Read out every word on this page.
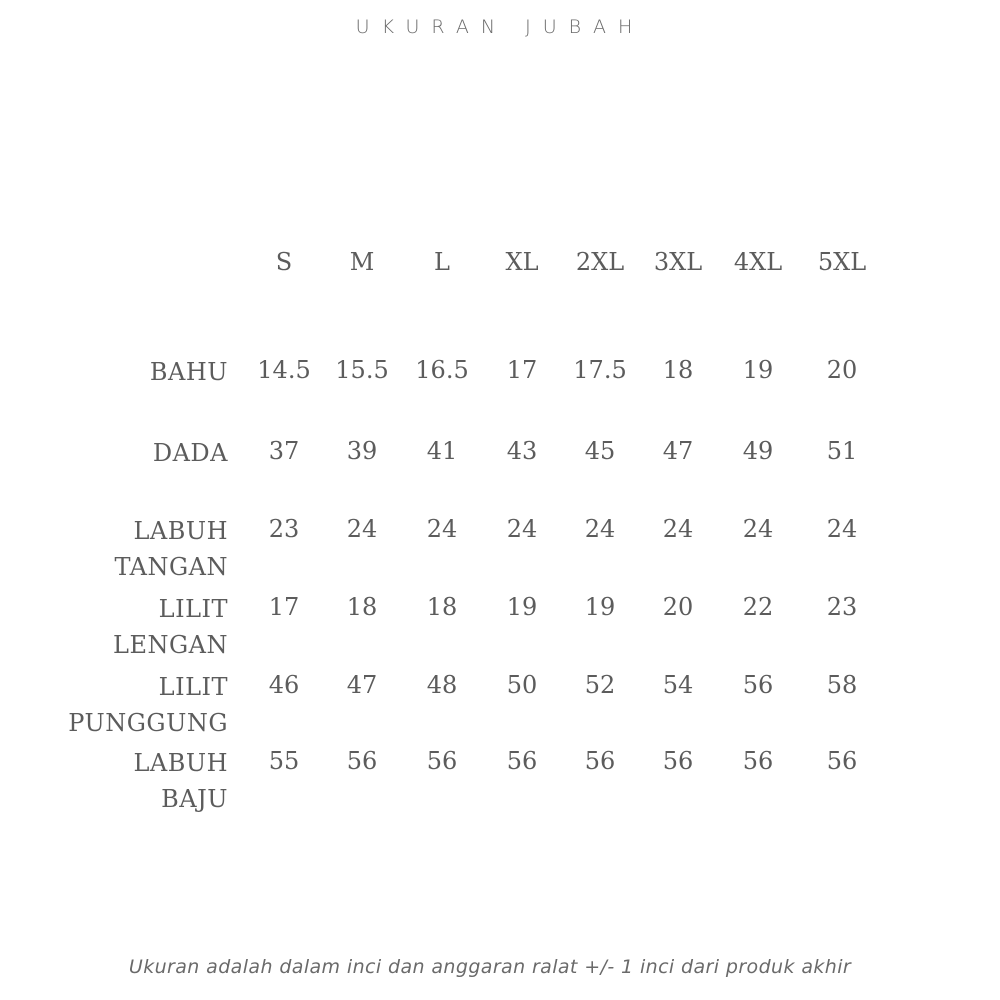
UKURAN JUBAH
S	M	L	XL	2XL	3XL	4XL	5XL
BAHU	14.5	15.5	16.5	17	17.5	18	19	20
DADA	37	39	41	43	45	47	49	51
LABUH
TANGAN
23	24	24	24	24	24	24	24
LILIT
LENGAN
17	18	18	19	19	20	22	23
LILIT
PUNGGUNG
46	47	48	50	52	54	56	58
LABUH
BAJU
55	56	56	56	56	56	56	56
Ukuran adalah dalam inci dan anggaran ralat +/- 1 inci dari produk akhir
